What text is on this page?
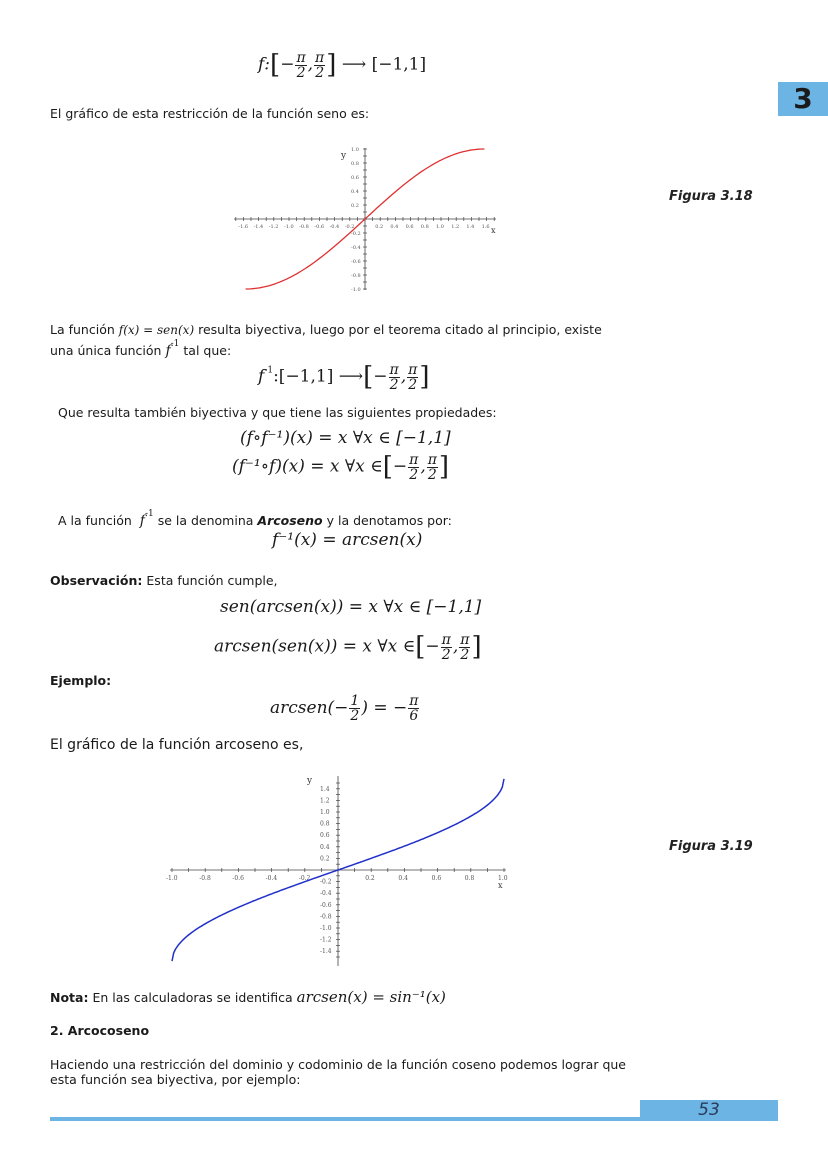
3
f:[− $\frac{\pi}{2}$ , $\frac{\pi}{2}$ ] ⟶ [−1,1]
El gráfico de esta restricción de la función seno es:
-1.6 -1.4 -1.2 -1.0 -0.8 -0.6 -0.4 -0.2	0.2 0.4 0.6 0.8 1.0 1.2 1.4 1.6
1.0
0.8
0.6
0.4
0.2
-0.2
-0.4
-0.6
-0.8
-1.0
y
x
Figura 3.18
La función f(x) = sen(x) resulta biyectiva, luego por el teorema citado al principio, existe
una única función $f^{-1}$ tal que:
$f^{-1}:[-1,1]$ ⟶[− $\frac{\pi}{2}$ , $\frac{\pi}{2}$ ]
Que resulta también biyectiva y que tiene las siguientes propiedades:
(f∘f⁻¹)(x) = x ∀x ∈ [−1,1]
(f⁻¹∘f)(x) = x ∀x ∈[− $\frac{\pi}{2}$ , $\frac{\pi}{2}$ ]
A la función $f^{-1}$ se la denomina Arcoseno y la denotamos por:
f⁻¹(x) = arcsen(x)
Observación: Esta función cumple,
sen(arcsen(x)) = x ∀x ∈ [−1,1]
arcsen(sen(x)) = x ∀x ∈[− $\frac{\pi}{2}$ , $\frac{\pi}{2}$ ]
Ejemplo:
arcsen(− $\frac{1}{2}$ ) = − $\frac{\pi}{6}$
El gráfico de la función arcoseno es,
-1.0	-0.8	-0.6	-0.4	-0.2	0.2	0.4	0.6	0.8	1.0
1.4
1.2
1.0
0.8
0.6
0.4
0.2
-0.2
-0.4
-0.6
-0.8
-1.0
-1.2
-1.4
y
x
Figura 3.19
Nota: En las calculadoras se identifica arcsen(x) = sin⁻¹(x)
2. Arcocoseno
Haciendo una restricción del dominio y codominio de la función coseno podemos lograr que
esta función sea biyectiva, por ejemplo:
53
